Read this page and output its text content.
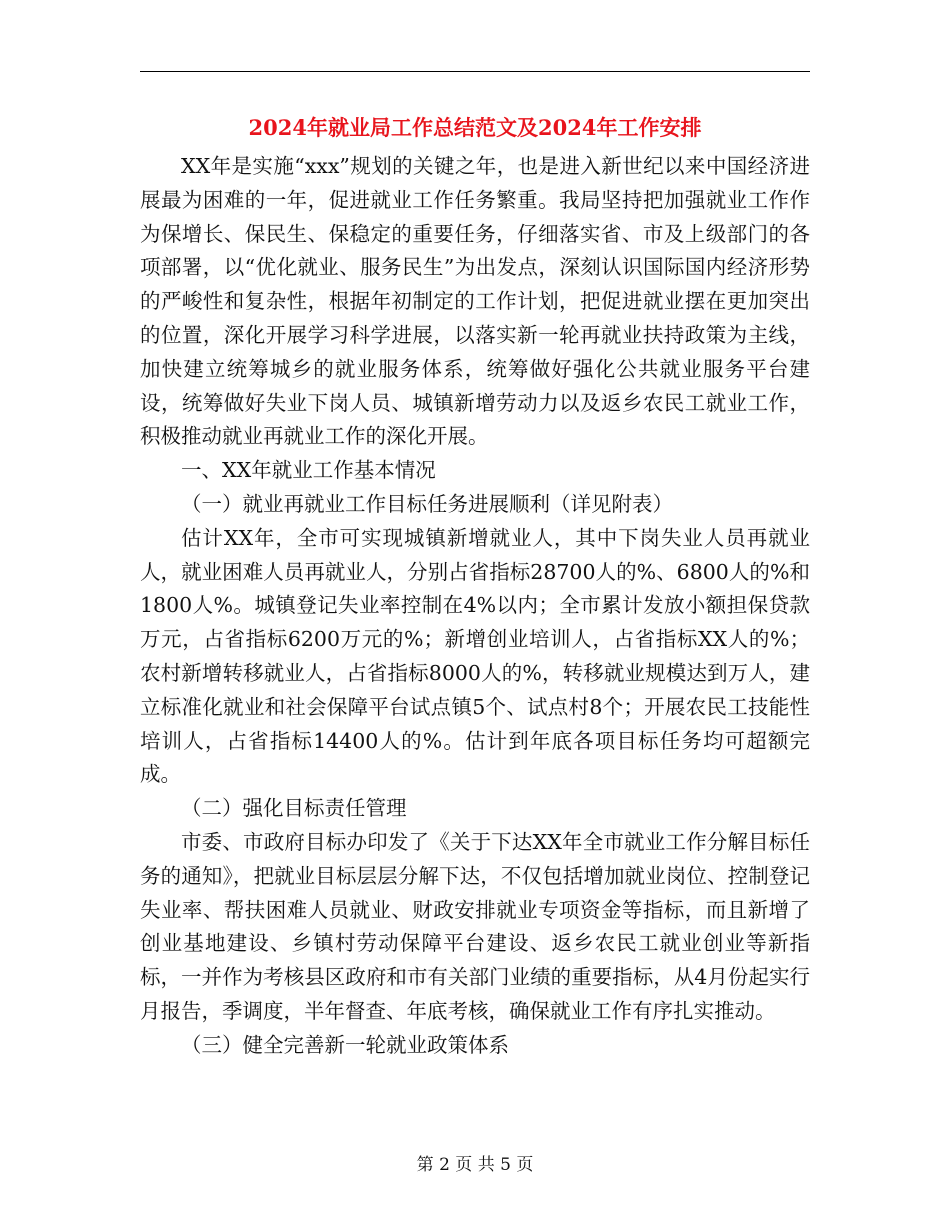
2024年就业局工作总结范文及2024年工作安排

XX年是实施“xxx”规划的关键之年，也是进入新世纪以来中国经济进展最为困难的一年，促进就业工作任务繁重。我局坚持把加强就业工作作为保增长、保民生、保稳定的重要任务，仔细落实省、市及上级部门的各项部署，以“优化就业、服务民生”为出发点，深刻认识国际国内经济形势的严峻性和复杂性，根据年初制定的工作计划，把促进就业摆在更加突出的位置，深化开展学习科学进展，以落实新一轮再就业扶持政策为主线，加快建立统筹城乡的就业服务体系，统筹做好强化公共就业服务平台建设，统筹做好失业下岗人员、城镇新增劳动力以及返乡农民工就业工作，积极推动就业再就业工作的深化开展。

一、XX年就业工作基本情况

（一）就业再就业工作目标任务进展顺利（详见附表）

估计XX年，全市可实现城镇新增就业人，其中下岗失业人员再就业人，就业困难人员再就业人，分别占省指标28700人的%、6800人的%和1800人%。城镇登记失业率控制在4%以内；全市累计发放小额担保贷款万元，占省指标6200万元的%；新增创业培训人，占省指标XX人的%；农村新增转移就业人，占省指标8000人的%，转移就业规模达到万人，建立标准化就业和社会保障平台试点镇5个、试点村8个；开展农民工技能性培训人，占省指标14400人的%。估计到年底各项目标任务均可超额完成。

（二）强化目标责任管理

市委、市政府目标办印发了《关于下达XX年全市就业工作分解目标任务的通知》，把就业目标层层分解下达，不仅包括增加就业岗位、控制登记失业率、帮扶困难人员就业、财政安排就业专项资金等指标，而且新增了创业基地建设、乡镇村劳动保障平台建设、返乡农民工就业创业等新指标，一并作为考核县区政府和市有关部门业绩的重要指标，从4月份起实行月报告，季调度，半年督查、年底考核，确保就业工作有序扎实推动。

（三）健全完善新一轮就业政策体系

第 2 页 共 5 页
